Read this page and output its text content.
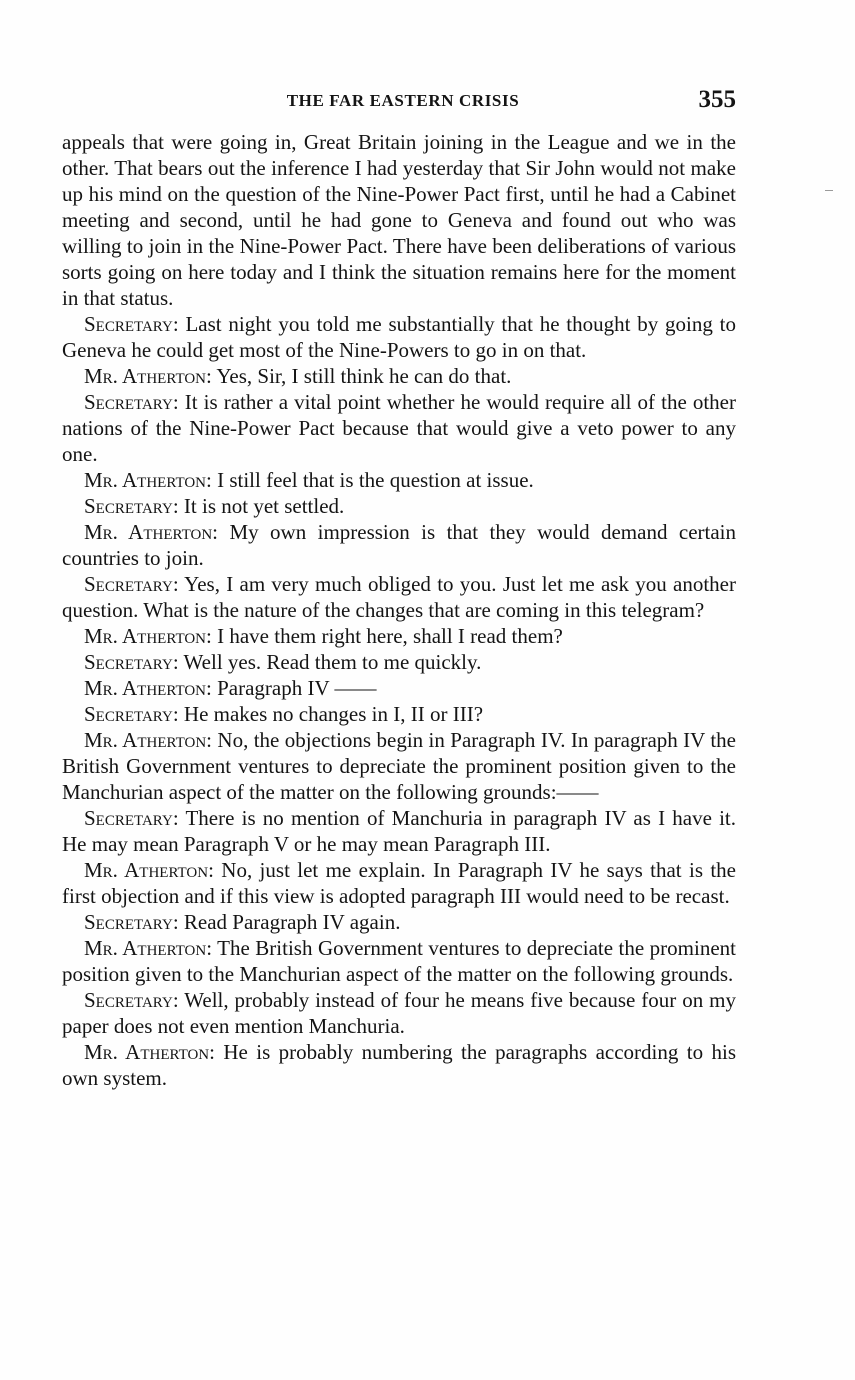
THE FAR EASTERN CRISIS	355

appeals that were going in, Great Britain joining in the League and we in the other. That bears out the inference I had yesterday that Sir John would not make up his mind on the question of the Nine-Power Pact first, until he had a Cabinet meeting and second, until he had gone to Geneva and found out who was willing to join in the Nine-Power Pact. There have been deliberations of various sorts going on here today and I think the situation remains here for the moment in that status.

Secretary: Last night you told me substantially that he thought by going to Geneva he could get most of the Nine-Powers to go in on that.

Mr. Atherton: Yes, Sir, I still think he can do that.

Secretary: It is rather a vital point whether he would require all of the other nations of the Nine-Power Pact because that would give a veto power to any one.

Mr. Atherton: I still feel that is the question at issue.

Secretary: It is not yet settled.

Mr. Atherton: My own impression is that they would demand certain countries to join.

Secretary: Yes, I am very much obliged to you. Just let me ask you another question. What is the nature of the changes that are coming in this telegram?

Mr. Atherton: I have them right here, shall I read them?

Secretary: Well yes. Read them to me quickly.

Mr. Atherton: Paragraph IV ——

Secretary: He makes no changes in I, II or III?

Mr. Atherton: No, the objections begin in Paragraph IV. In paragraph IV the British Government ventures to depreciate the prominent position given to the Manchurian aspect of the matter on the following grounds:——

Secretary: There is no mention of Manchuria in paragraph IV as I have it. He may mean Paragraph V or he may mean Paragraph III.

Mr. Atherton: No, just let me explain. In Paragraph IV he says that is the first objection and if this view is adopted paragraph III would need to be recast.

Secretary: Read Paragraph IV again.

Mr. Atherton: The British Government ventures to depreciate the prominent position given to the Manchurian aspect of the matter on the following grounds.

Secretary: Well, probably instead of four he means five because four on my paper does not even mention Manchuria.

Mr. Atherton: He is probably numbering the paragraphs according to his own system.
